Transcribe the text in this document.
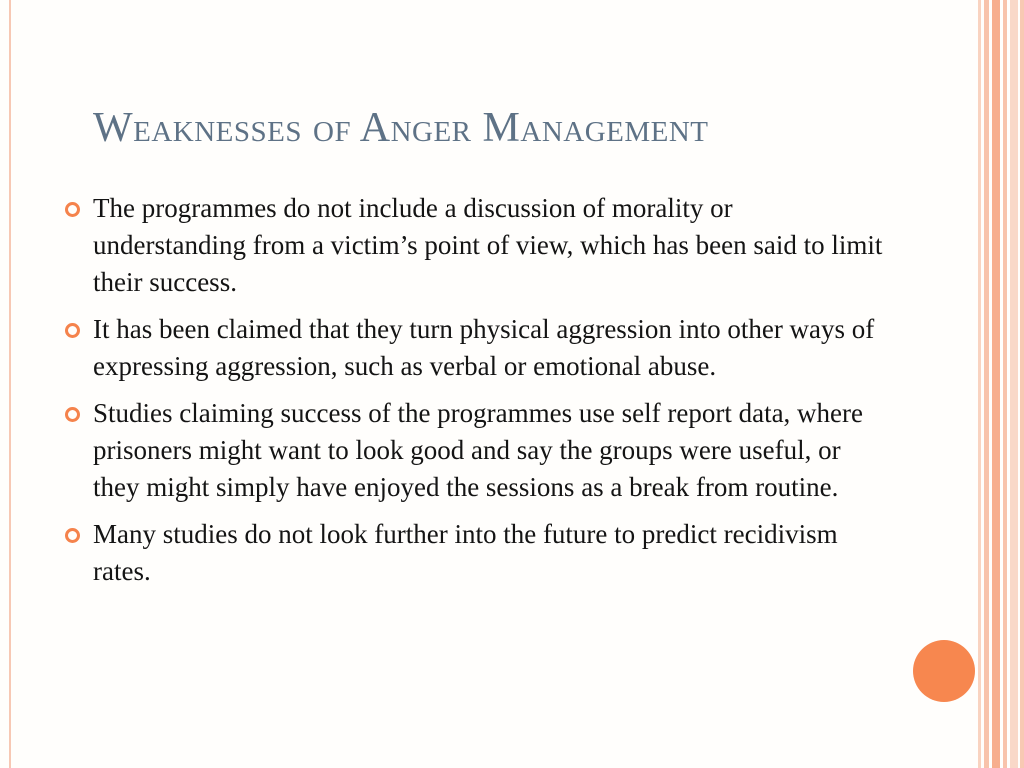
Weaknesses of Anger Management
The programmes do not include a discussion of morality or understanding from a victim’s point of view, which has been said to limit their success.
It has been claimed that they turn physical aggression into other ways of expressing aggression, such as verbal or emotional abuse.
Studies claiming success of the programmes use self report data, where prisoners might want to look good and say the groups were useful, or they might simply have enjoyed the sessions as a break from routine.
Many studies do not look further into the future to predict recidivism rates.
